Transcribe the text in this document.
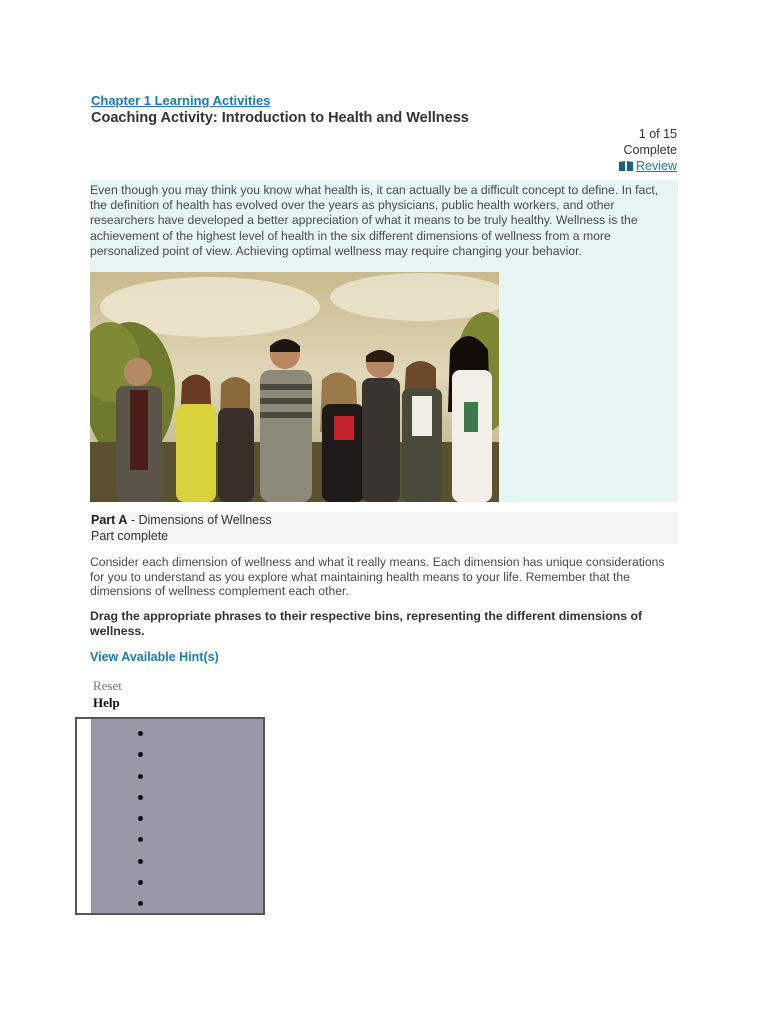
Chapter 1 Learning Activities
Coaching Activity: Introduction to Health and Wellness
1 of 15
Complete
Review

Even though you may think you know what health is, it can actually be a difficult concept to define. In fact, the definition of health has evolved over the years as physicians, public health workers, and other researchers have developed a better appreciation of what it means to be truly healthy. Wellness is the achievement of the highest level of health in the six different dimensions of wellness from a more personalized point of view. Achieving optimal wellness may require changing your behavior.

Part A - Dimensions of Wellness
Part complete

Consider each dimension of wellness and what it really means. Each dimension has unique considerations for you to understand as you explore what maintaining health means to your life. Remember that the dimensions of wellness complement each other.

Drag the appropriate phrases to their respective bins, representing the different dimensions of wellness.

View Available Hint(s)
Reset
Help
